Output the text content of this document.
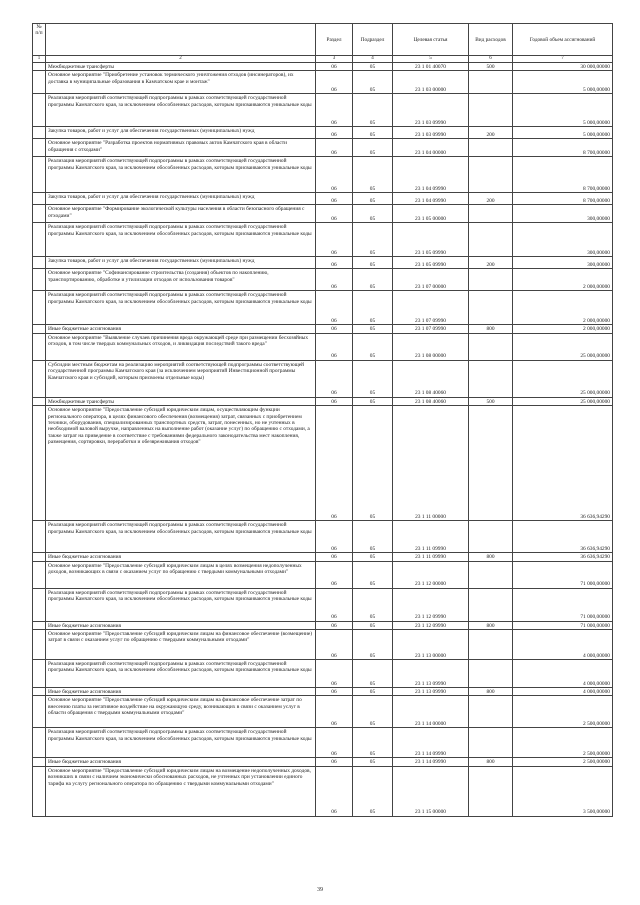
№ п/п		Раздел	Подраздел	Целевая статья	Вид расходов	Годовой объем ассигнований
1	2	3	4	5	6	7
	Межбюджетные трансферты	06	05	23 1 01 40070	500	30 000,00000
	Основное мероприятие "Приобретение установок термического уничтожения отходов (инсинераторов), их доставка в муниципальные образования в Камчатском крае и монтаж"	06	05	23 1 03 00000		5 000,00000
	Реализация мероприятий соответствующей подпрограммы в рамках соответствующей государственной программы Камчатского края, за исключением обособленных расходов, которым присваиваются уникальные коды	06	05	23 1 03 09990		5 000,00000
	Закупка товаров, работ и услуг для обеспечения государственных (муниципальных) нужд	06	05	23 1 03 09990	200	5 000,00000
	Основное мероприятие "Разработка проектов нормативных правовых актов Камчатского края в области обращения с отходами"	06	05	23 1 04 00000		8 700,00000
	Реализация мероприятий соответствующей подпрограммы в рамках соответствующей государственной программы Камчатского края, за исключением обособленных расходов, которым присваиваются уникальные коды	06	05	23 1 04 09990		8 700,00000
	Закупка товаров, работ и услуг для обеспечения государственных (муниципальных) нужд	06	05	23 1 04 09990	200	8 700,00000
	Основное мероприятие "Формирование экологической культуры населения в области безопасного обращения с отходами"	06	05	23 1 05 00000		300,00000
	Реализация мероприятий соответствующей подпрограммы в рамках соответствующей государственной программы Камчатского края, за исключением обособленных расходов, которым присваиваются уникальные коды	06	05	23 1 05 09990		300,00000
	Закупка товаров, работ и услуг для обеспечения государственных (муниципальных) нужд	06	05	23 1 05 09990	200	300,00000
	Основное мероприятие "Софинансирование строительства (создания) объектов по накоплению, транспортированию, обработке и утилизации отходов от использования товаров"	06	05	23 1 07 00000		2 000,00000
	Реализация мероприятий соответствующей подпрограммы в рамках соответствующей государственной программы Камчатского края, за исключением обособленных расходов, которым присваиваются уникальные коды	06	05	23 1 07 09990		2 000,00000
	Иные бюджетные ассигнования	06	05	23 1 07 09990	800	2 000,00000
	Основное мероприятие "Выявление случаев причинения вреда окружающей среде при размещении бесхозяйных отходов, в том числе твердых коммунальных отходов, и ликвидация последствий такого вреда"	06	05	23 1 08 00000		25 000,00000
	Субсидии местным бюджетам на реализацию мероприятий соответствующей подпрограммы соответствующей государственной программы Камчатского края (за исключением мероприятий Инвестиционной программы Камчатского края и субсидий, которым присвоены отдельные коды)	06	05	23 1 08 40060		25 000,00000
	Межбюджетные трансферты	06	05	23 1 08 40060	500	25 000,00000
	Основное мероприятие "Предоставление субсидий юридическим лицам, осуществляющим функции регионального оператора, в целях финансового обеспечения (возмещения) затрат, связанных с приобретением техники, оборудования, специализированных транспортных средств, затрат, понесенных, но не учтенных в необходимой валовой выручке, направленных на выполнение работ (оказание услуг) по обращению с отходами, а также затрат на приведение в соответствие с требованиями федерального законодательства мест накопления, размещения, сортировки, переработки и обезвреживания отходов"	06	05	23 1 11 00000		36 636,94290
	Реализация мероприятий соответствующей подпрограммы в рамках соответствующей государственной программы Камчатского края, за исключением обособленных расходов, которым присваиваются уникальные коды	06	05	23 1 11 09990		36 636,94290
	Иные бюджетные ассигнования	06	05	23 1 11 09990	800	36 636,94290
	Основное мероприятие "Предоставление субсидий юридическим лицам в целях возмещения недополученных доходов, возникающих в связи с оказанием услуг по обращению с твердыми коммунальными отходами"	06	05	23 1 12 00000		71 000,00000
	Реализация мероприятий соответствующей подпрограммы в рамках соответствующей государственной программы Камчатского края, за исключением обособленных расходов, которым присваиваются уникальные коды	06	05	23 1 12 09990		71 000,00000
	Иные бюджетные ассигнования	06	05	23 1 12 09990	800	71 000,00000
	Основное мероприятие "Предоставление субсидий юридическим лицам на финансовое обеспечение (возмещение) затрат в связи с оказанием услуг по обращению с твердыми коммунальными отходами"	06	05	23 1 13 00000		4 000,00000
	Реализация мероприятий соответствующей подпрограммы в рамках соответствующей государственной программы Камчатского края, за исключением обособленных расходов, которым присваиваются уникальные коды	06	05	23 1 13 09990		4 000,00000
	Иные бюджетные ассигнования	06	05	23 1 13 09990	800	4 000,00000
	Основное мероприятие "Предоставление субсидий юридическим лицам на финансовое обеспечение затрат по внесению платы за негативное воздействие на окружающую среду, возникающих в связи с оказанием услуг в области обращения с твердыми коммунальными отходами"	06	05	23 1 14 00000		2 500,00000
	Реализация мероприятий соответствующей подпрограммы в рамках соответствующей государственной программы Камчатского края, за исключением обособленных расходов, которым присваиваются уникальные коды	06	05	23 1 14 09990		2 500,00000
	Иные бюджетные ассигнования	06	05	23 1 14 09990	800	2 500,00000
	Основное мероприятие "Предоставление субсидий юридическим лицам на возмещение недополученных доходов, возникших в связи с наличием экономически обоснованных расходов, не учтенных при установлении единого тарифа на услугу регионального оператора по обращению с твердыми коммунальными отходами"	06	05	23 1 15 00000		3 500,00000
39
